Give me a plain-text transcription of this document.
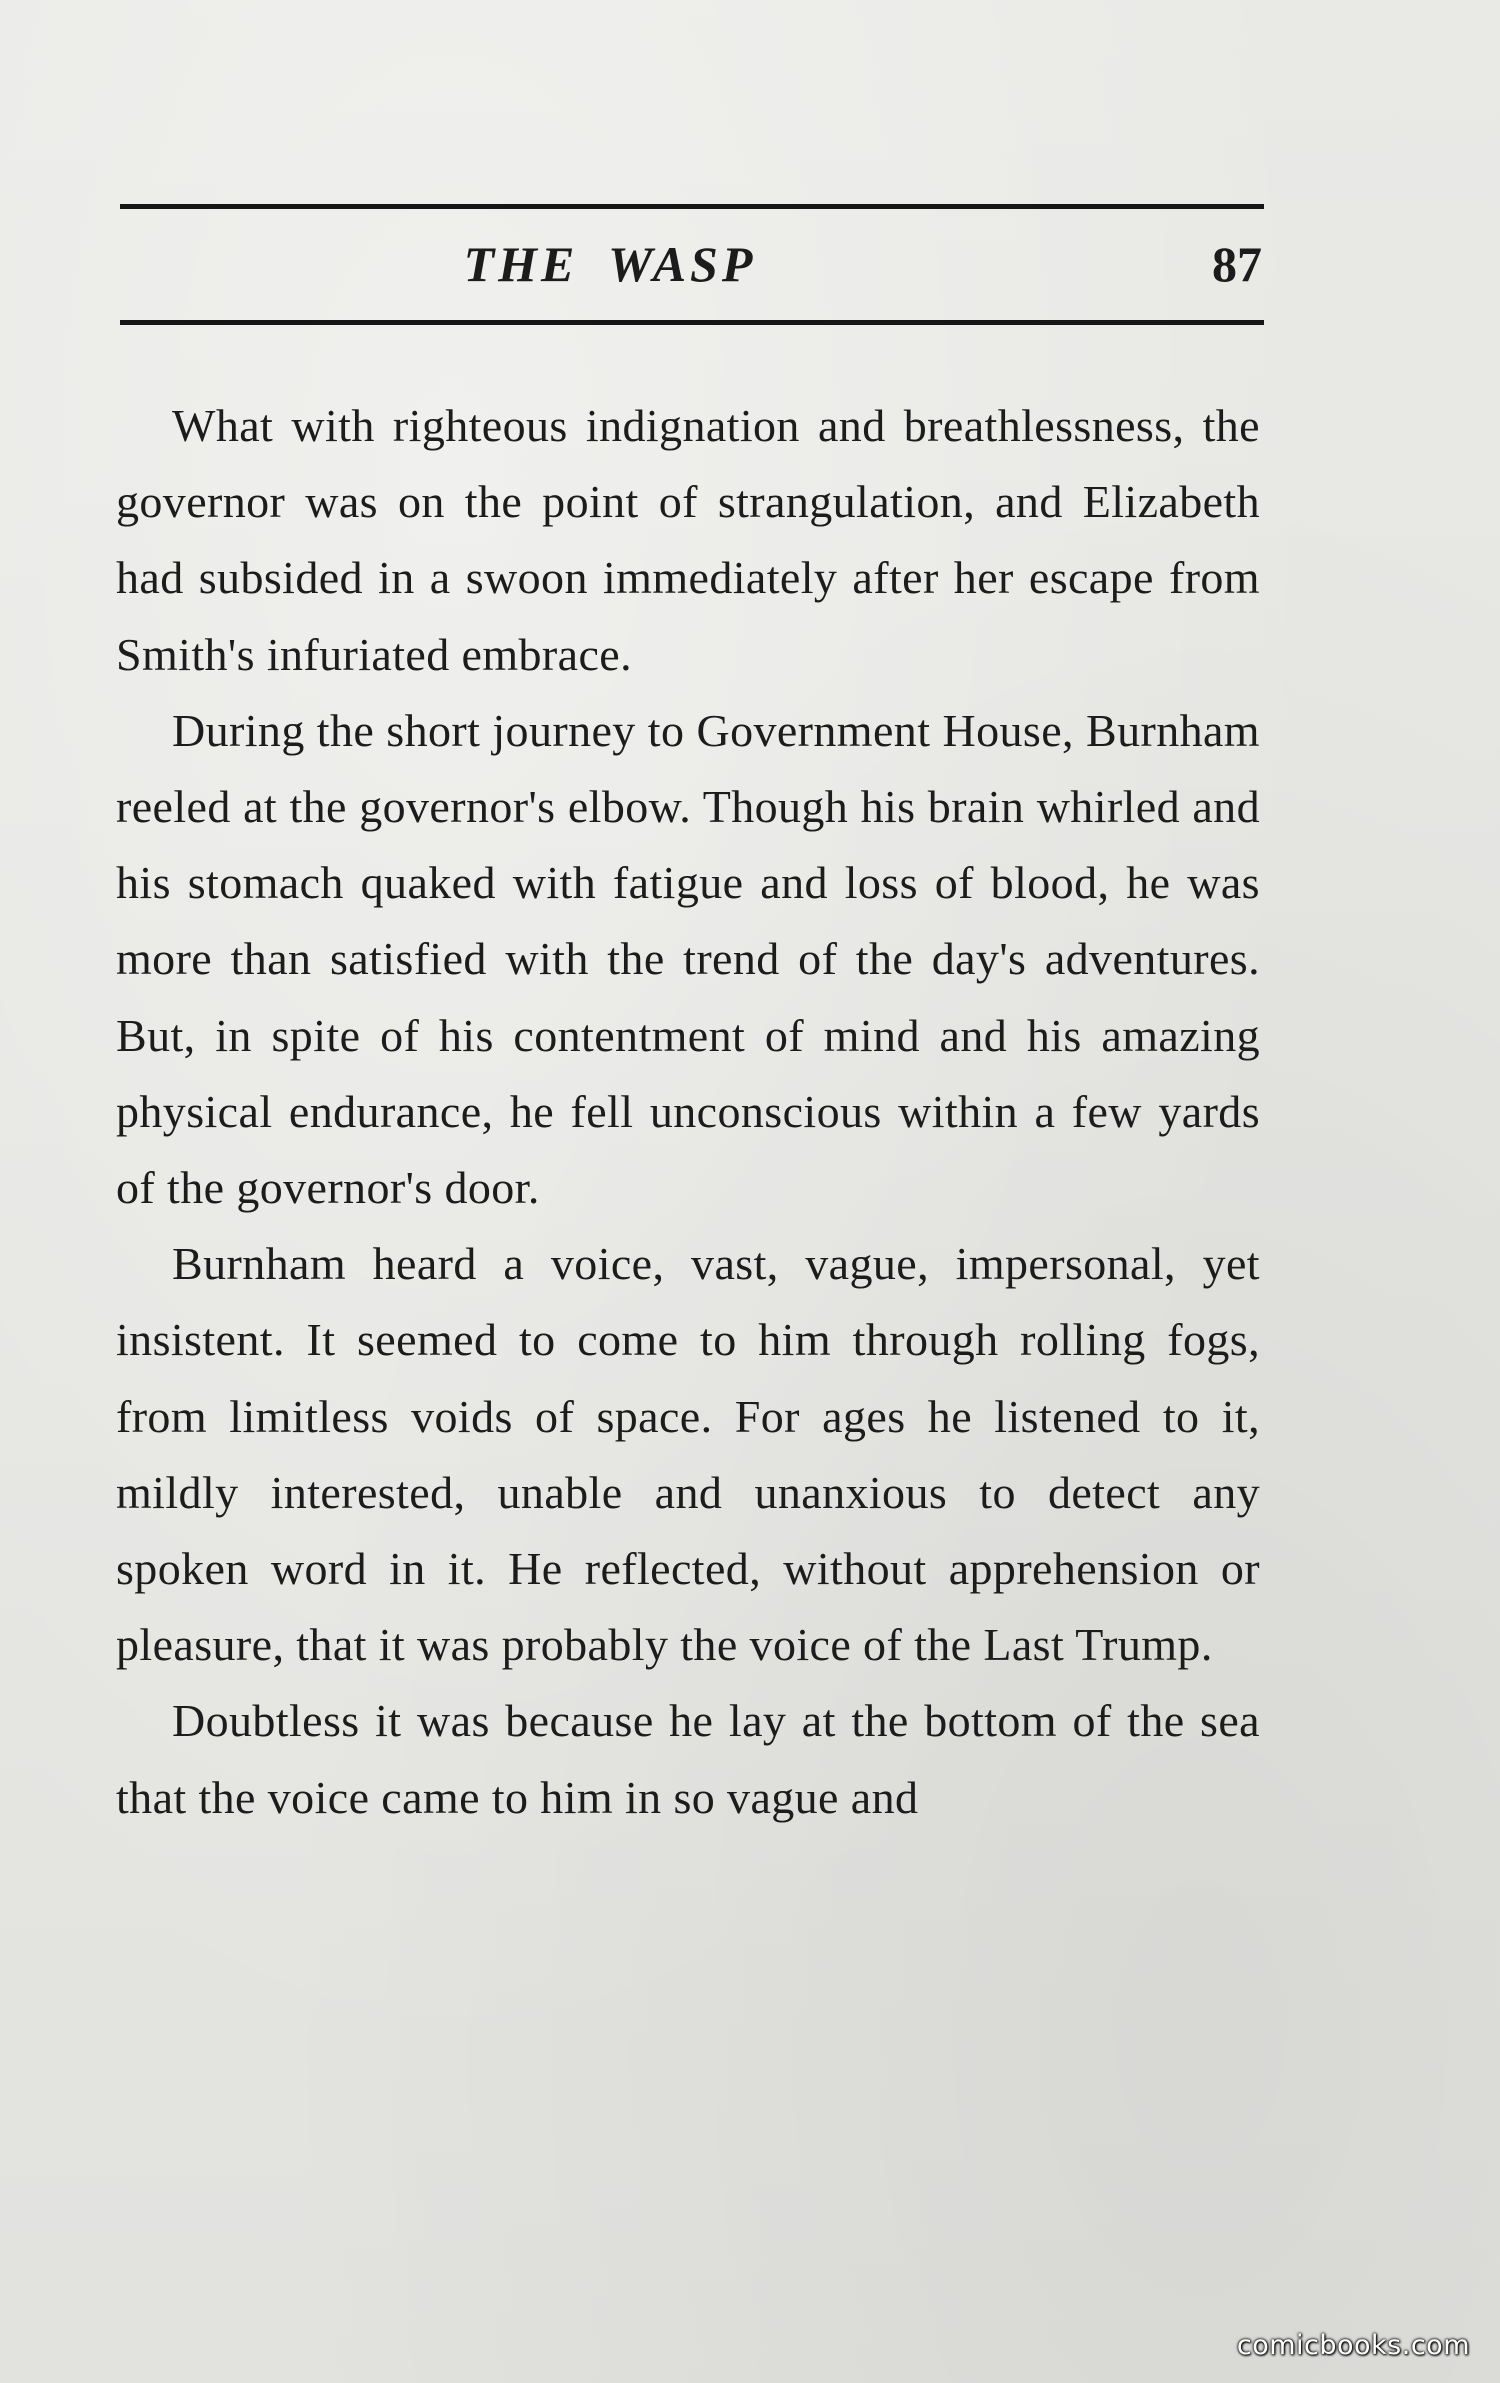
THE WASP	87

What with righteous indignation and breathlessness, the governor was on the point of strangulation, and Elizabeth had subsided in a swoon immediately after her escape from Smith's infuriated embrace.

During the short journey to Government House, Burnham reeled at the governor's elbow. Though his brain whirled and his stomach quaked with fatigue and loss of blood, he was more than satisfied with the trend of the day's adventures. But, in spite of his contentment of mind and his amazing physical endurance, he fell unconscious within a few yards of the governor's door.

Burnham heard a voice, vast, vague, impersonal, yet insistent. It seemed to come to him through rolling fogs, from limitless voids of space. For ages he listened to it, mildly interested, unable and unanxious to detect any spoken word in it. He reflected, without apprehension or pleasure, that it was probably the voice of the Last Trump.

Doubtless it was because he lay at the bottom of the sea that the voice came to him in so vague and

comicbooks.com
